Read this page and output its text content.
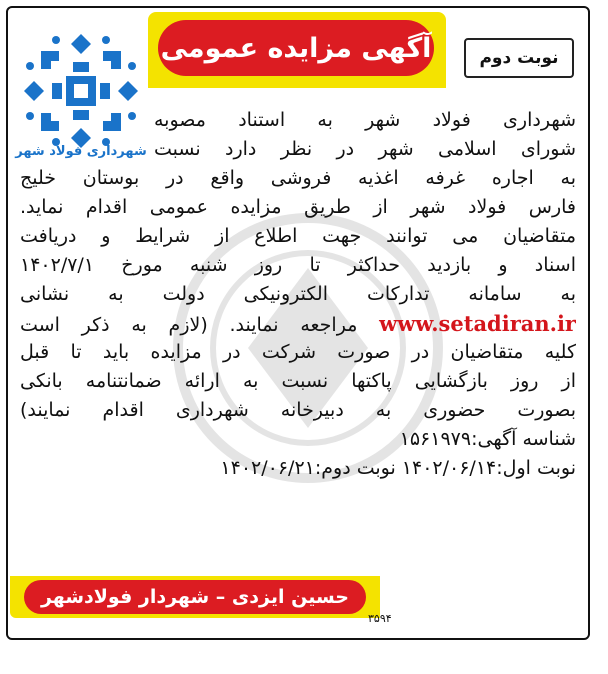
آگهی مزایده عمومی	نوبت دوم
شهرداری فولاد شهر
شهرداری فولاد شهر به استناد مصوبه
شورای اسلامی شهر در نظر دارد نسبت
به اجاره غرفه اغذیه فروشی واقع در بوستان خلیج
فارس فولاد شهر از طریق مزایده عمومی اقدام نماید.
متقاضیان می توانند جهت اطلاع از شرایط و دریافت
اسناد و بازدید حداکثر تا روز شنبه مورخ ۱۴۰۲/۷/۱
به سامانه تدارکات الکترونیکی دولت به نشانی
www.setadiran.ir مراجعه نمایند. (لازم به ذکر است
کلیه متقاضیان در صورت شرکت در مزایده باید تا قبل
از روز بازگشایی پاکتها نسبت به ارائه ضمانتنامه بانکی
بصورت حضوری به دبیرخانه شهرداری اقدام نمایند)
شناسه آگهی:۱۵۶۱۹۷۹
نوبت اول:۱۴۰۲/۰۶/۱۴ نوبت دوم:۱۴۰۲/۰۶/۲۱
حسین ایزدی – شهردار فولادشهر
۳۵۹۴
